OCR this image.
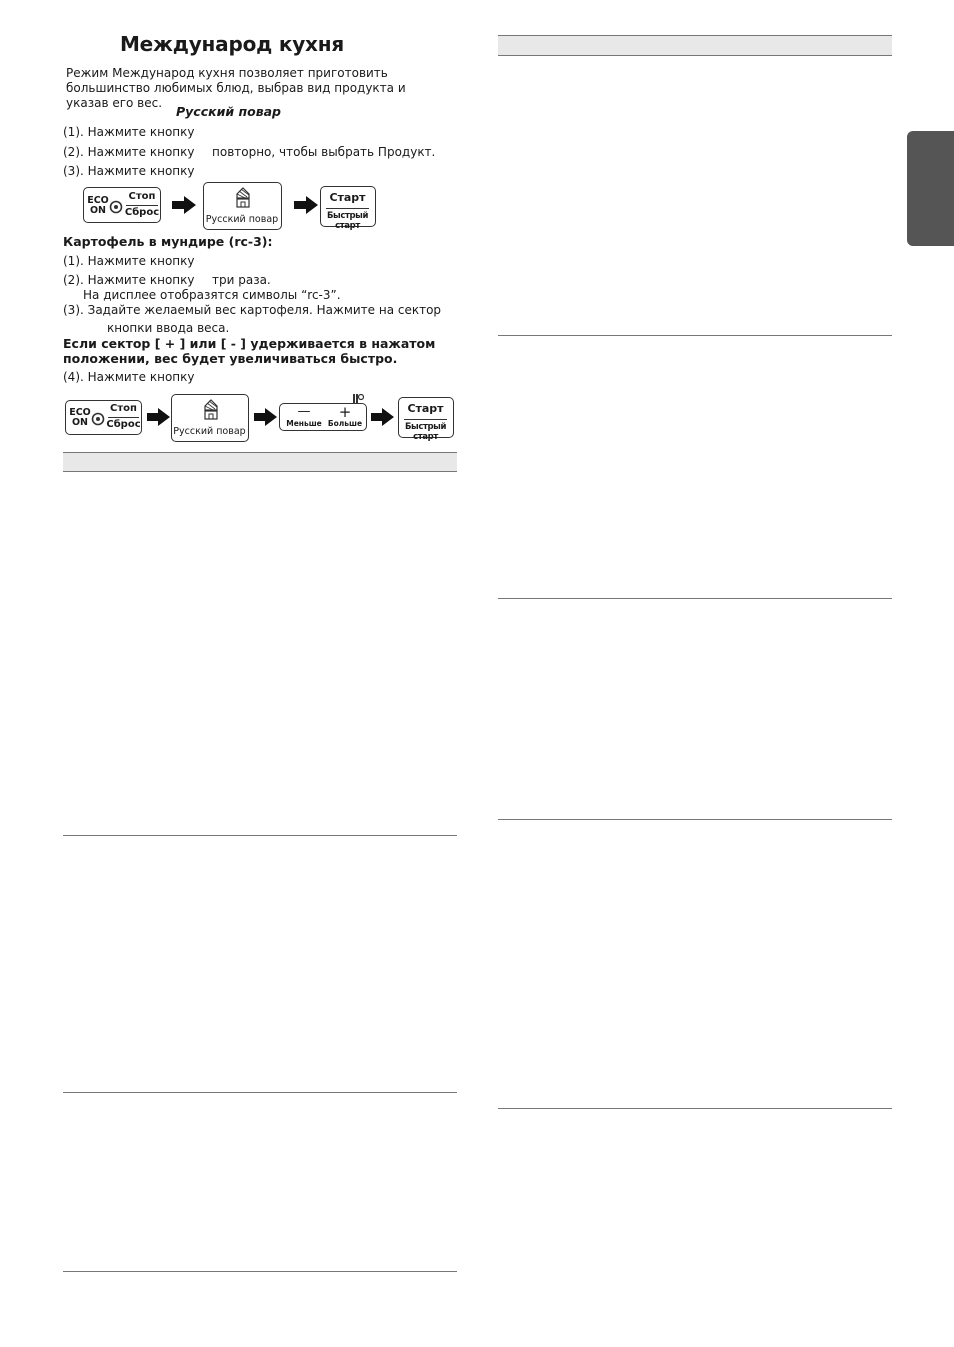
Международ кухня
Режим Международ кухня позволяет приготовить большинство любимых блюд, выбрав вид продукта и указав его вес.
Русский повар
(1). Нажмите кнопку
(2). Нажмите кнопку повторно, чтобы выбрать Продукт.
(3). Нажмите кнопку
ECO
ON
Стоп
Сброс
Русский повар
Старт
Быстрый старт
Картофель в мундире (rc-3):
(1). Нажмите кнопку
(2). Нажмите кнопку три раза.
На дисплее отобразятся символы “rc-3”.
(3). Задайте желаемый вес картофеля. Нажмите на сектор
кнопки ввода веса.
Если сектор [ + ] или [ - ] удерживается в нажатом положении, вес будет увеличиваться быстро.
(4). Нажмите кнопку
ECO
ON
Стоп
Сброс
Русский повар
—	+
Меньше Больше
Старт
Быстрый старт
